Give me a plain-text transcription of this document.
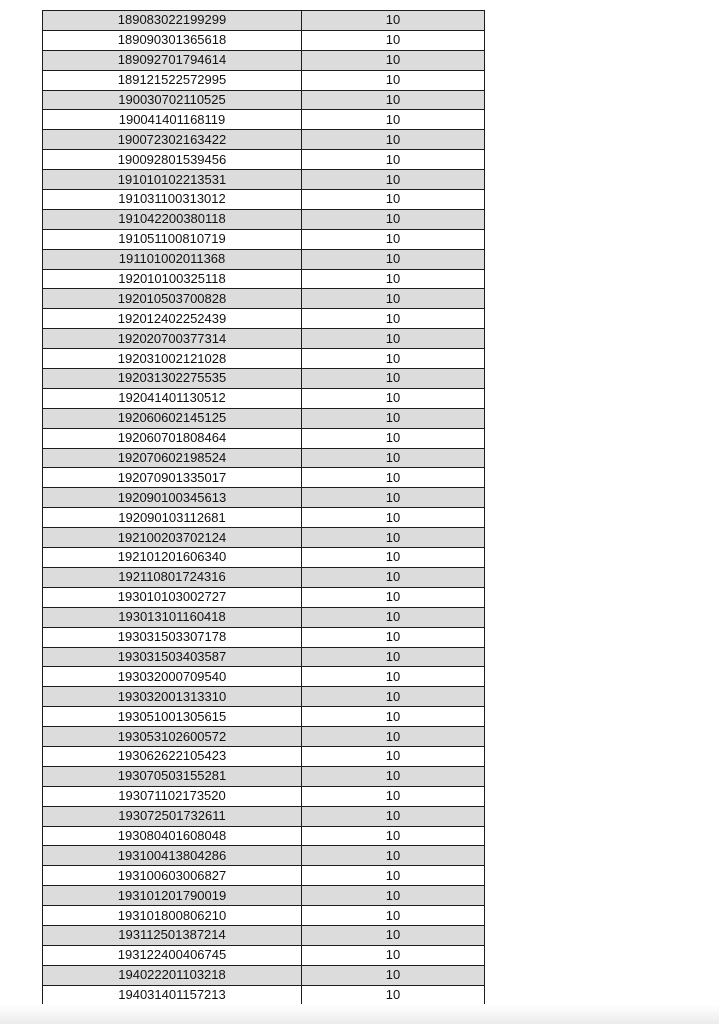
189083022199299	10
189090301365618	10
189092701794614	10
189121522572995	10
190030702110525	10
190041401168119	10
190072302163422	10
190092801539456	10
191010102213531	10
191031100313012	10
191042200380118	10
191051100810719	10
191101002011368	10
192010100325118	10
192010503700828	10
192012402252439	10
192020700377314	10
192031002121028	10
192031302275535	10
192041401130512	10
192060602145125	10
192060701808464	10
192070602198524	10
192070901335017	10
192090100345613	10
192090103112681	10
192100203702124	10
192101201606340	10
192110801724316	10
193010103002727	10
193013101160418	10
193031503307178	10
193031503403587	10
193032000709540	10
193032001313310	10
193051001305615	10
193053102600572	10
193062622105423	10
193070503155281	10
193071102173520	10
193072501732611	10
193080401608048	10
193100413804286	10
193100603006827	10
193101201790019	10
193101800806210	10
193112501387214	10
193122400406745	10
194022201103218	10
194031401157213	10
